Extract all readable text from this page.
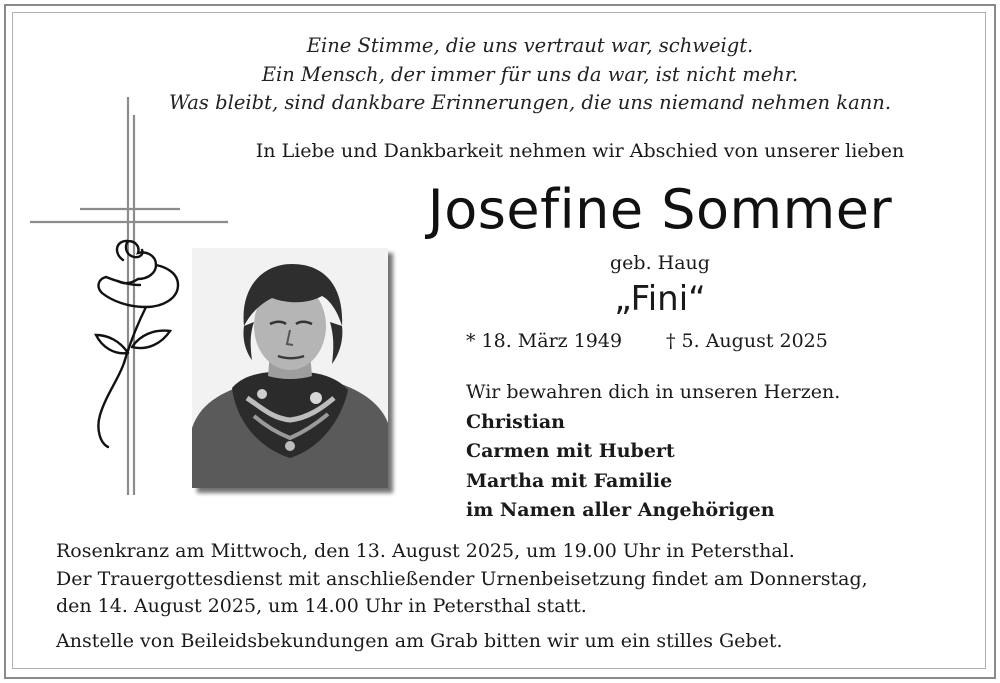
Eine Stimme, die uns vertraut war, schweigt.
Ein Mensch, der immer für uns da war, ist nicht mehr.
Was bleibt, sind dankbare Erinnerungen, die uns niemand nehmen kann.
In Liebe und Dankbarkeit nehmen wir Abschied von unserer lieben
Josefine Sommer
geb. Haug
„Fini“
* 18. März 1949 † 5. August 2025
Wir bewahren dich in unseren Herzen.
Christian
Carmen mit Hubert
Martha mit Familie
im Namen aller Angehörigen
Rosenkranz am Mittwoch, den 13. August 2025, um 19.00 Uhr in Petersthal.
Der Trauergottesdienst mit anschließender Urnenbeisetzung findet am Donnerstag,
den 14. August 2025, um 14.00 Uhr in Petersthal statt.
Anstelle von Beileidsbekundungen am Grab bitten wir um ein stilles Gebet.
